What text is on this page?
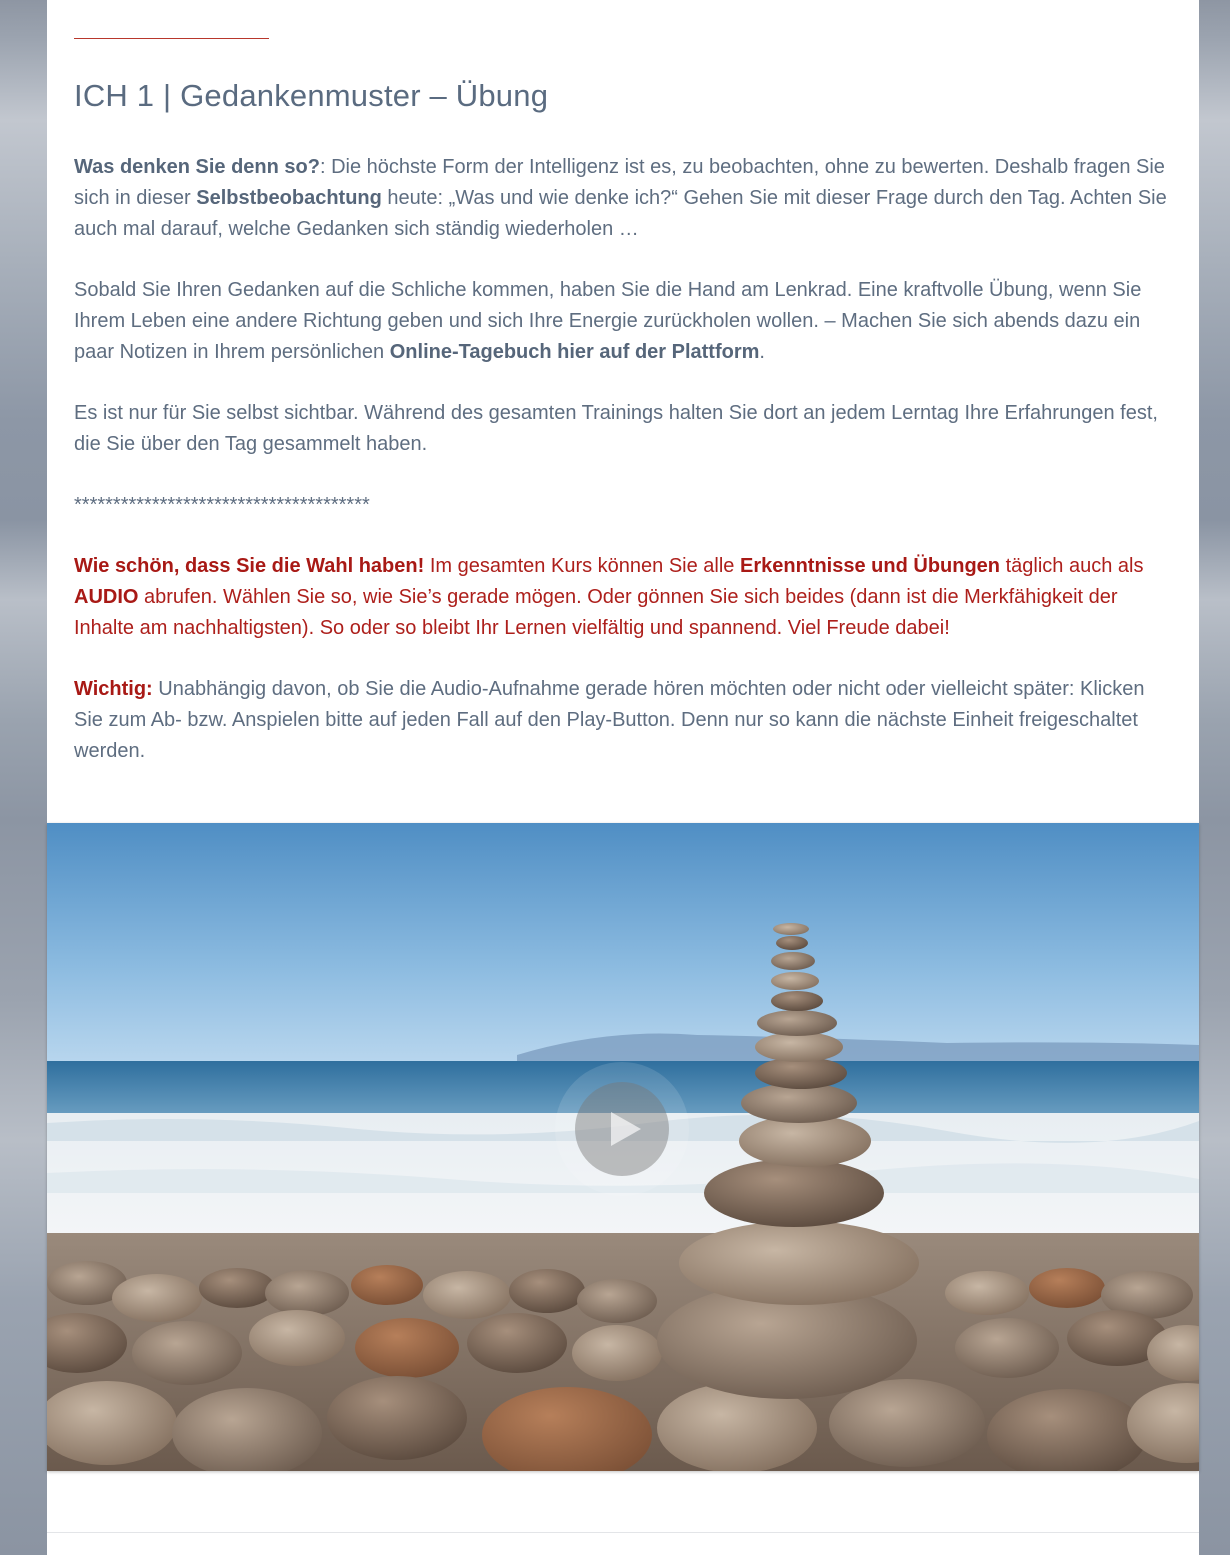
ICH 1 | Gedankenmuster – Übung

Was denken Sie denn so?: Die höchste Form der Intelligenz ist es, zu beobachten, ohne zu bewerten. Deshalb fragen Sie sich in dieser Selbstbeobachtung heute: „Was und wie denke ich?“ Gehen Sie mit dieser Frage durch den Tag. Achten Sie auch mal darauf, welche Gedanken sich ständig wiederholen …

Sobald Sie Ihren Gedanken auf die Schliche kommen, haben Sie die Hand am Lenkrad. Eine kraftvolle Übung, wenn Sie Ihrem Leben eine andere Richtung geben und sich Ihre Energie zurückholen wollen. – Machen Sie sich abends dazu ein paar Notizen in Ihrem persönlichen Online-Tagebuch hier auf der Plattform.

Es ist nur für Sie selbst sichtbar. Während des gesamten Trainings halten Sie dort an jedem Lerntag Ihre Erfahrungen fest, die Sie über den Tag gesammelt haben.

**************************************

Wie schön, dass Sie die Wahl haben! Im gesamten Kurs können Sie alle Erkenntnisse und Übungen täglich auch als AUDIO abrufen. Wählen Sie so, wie Sie’s gerade mögen. Oder gönnen Sie sich beides (dann ist die Merkfähigkeit der Inhalte am nachhaltigsten). So oder so bleibt Ihr Lernen vielfältig und spannend. Viel Freude dabei!

Wichtig: Unabhängig davon, ob Sie die Audio-Aufnahme gerade hören möchten oder nicht oder vielleicht später: Klicken Sie zum Ab- bzw. Anspielen bitte auf jeden Fall auf den Play-Button. Denn nur so kann die nächste Einheit freigeschaltet werden.
